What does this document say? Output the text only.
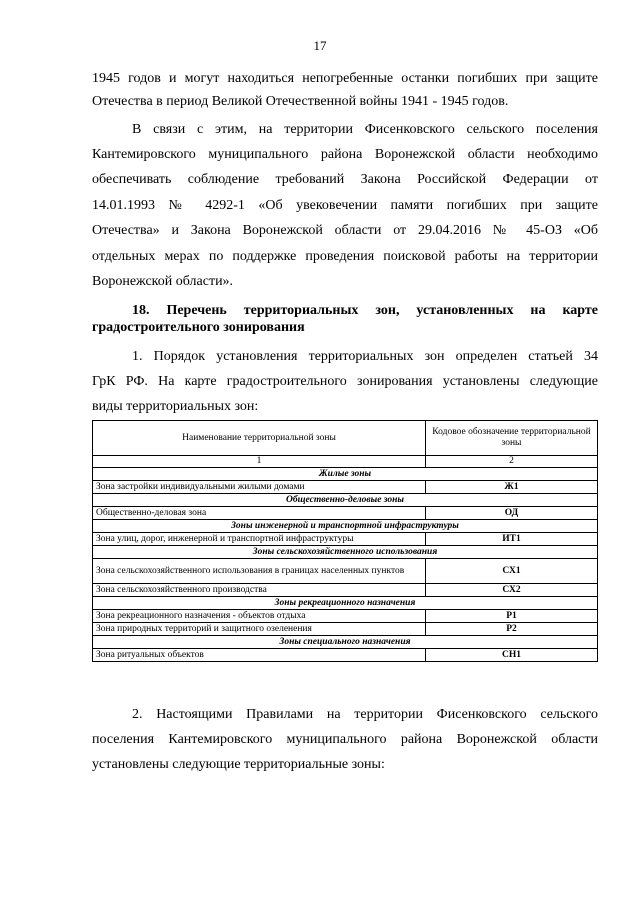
17

1945 годов и могут находиться непогребенные останки погибших при защите

Отечества в период Великой Отечественной войны 1941 - 1945 годов.

В связи с этим, на территории Фисенковского сельского поселения

Кантемировского муниципального района Воронежской области необходимо

обеспечивать соблюдение требований Закона Российской Федерации от

14.01.1993 № 4292-1 «Об увековечении памяти погибших при защите

Отечества» и Закона Воронежской области от 29.04.2016 № 45-ОЗ «Об

отдельных мерах по поддержке проведения поисковой работы на территории

Воронежской области».

18. Перечень территориальных зон, установленных на карте

градостроительного зонирования

1. Порядок установления территориальных зон определен статьей 34

ГрК РФ. На карте градостроительного зонирования установлены следующие

виды территориальных зон:

Наименование территориальной зоны	Кодовое обозначение территориальной зоны
1	2
Жилые зоны	
Зона застройки индивидуальными жилыми домами	Ж1
Общественно-деловые зоны	
Общественно-деловая зона	ОД
Зоны инженерной и транспортной инфраструктуры	
Зона улиц, дорог, инженерной и транспортной инфраструктуры	ИТ1
Зоны сельскохозяйственного использования	
Зона сельскохозяйственного использования в границах населенных пунктов	СХ1
Зона сельскохозяйственного производства	СХ2
Зоны рекреационного назначения	
Зона рекреационного назначения - объектов отдыха	Р1
Зона природных территорий и защитного озеленения	Р2
Зоны специального назначения	
Зона ритуальных объектов	СН1

2. Настоящими Правилами на территории Фисенковского сельского

поселения Кантемировского муниципального района Воронежской области

установлены следующие территориальные зоны:
